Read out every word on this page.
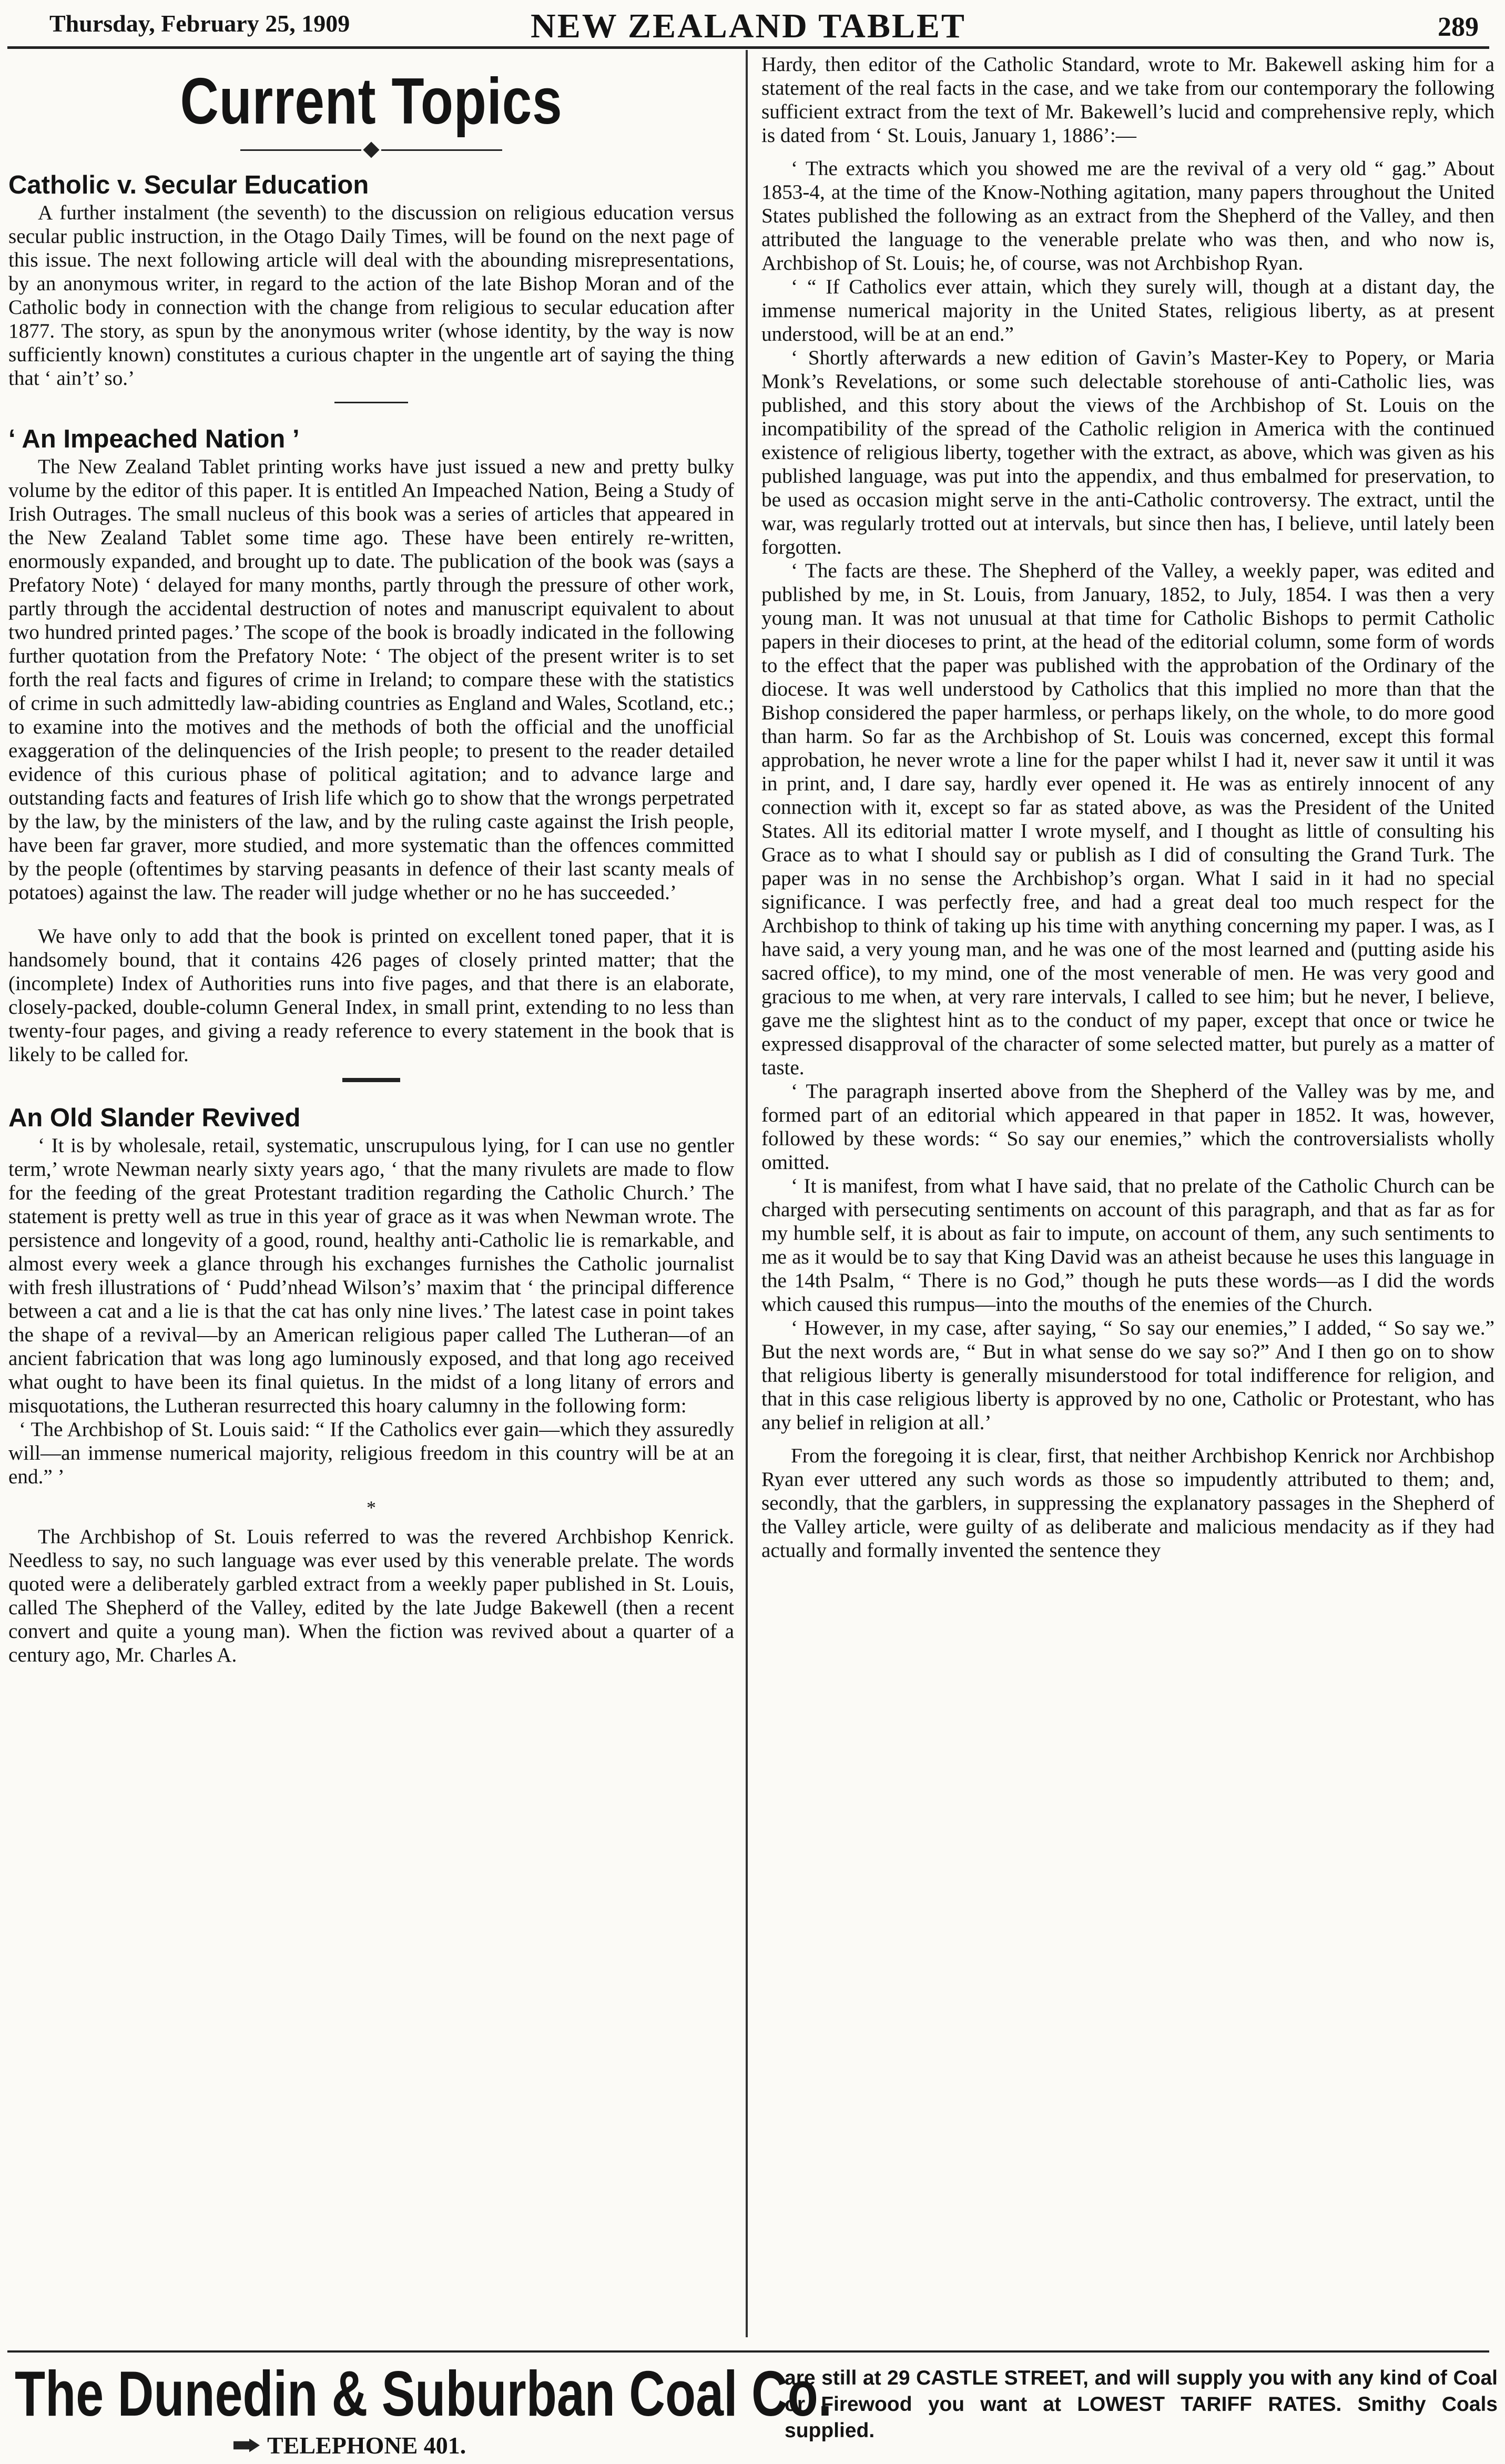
Thursday, February 25, 1909	NEW ZEALAND TABLET	289
Current Topics
Catholic v. Secular Education

A further instalment (the seventh) to the discussion on religious education versus secular public instruction, in the Otago Daily Times, will be found on the next page of this issue. The next following article will deal with the abounding misrepresentations, by an anonymous writer, in regard to the action of the late Bishop Moran and of the Catholic body in connection with the change from religious to secular education after 1877. The story, as spun by the anonymous writer (whose identity, by the way is now sufficiently known) constitutes a curious chapter in the ungentle art of saying the thing that ‘ ain’t’ so.’

‘ An Impeached Nation ’

The New Zealand Tablet printing works have just issued a new and pretty bulky volume by the editor of this paper. It is entitled An Impeached Nation, Being a Study of Irish Outrages. The small nucleus of this book was a series of articles that appeared in the New Zealand Tablet some time ago. These have been entirely re-written, enormously expanded, and brought up to date. The publication of the book was (says a Prefatory Note) ‘ delayed for many months, partly through the pressure of other work, partly through the accidental destruction of notes and manuscript equivalent to about two hundred printed pages.’ The scope of the book is broadly indicated in the following further quotation from the Prefatory Note: ‘ The object of the present writer is to set forth the real facts and figures of crime in Ireland; to compare these with the statistics of crime in such admittedly law-abiding countries as England and Wales, Scotland, etc.; to examine into the motives and the methods of both the official and the unofficial exaggeration of the delinquencies of the Irish people; to present to the reader detailed evidence of this curious phase of political agitation; and to advance large and outstanding facts and features of Irish life which go to show that the wrongs perpetrated by the law, by the ministers of the law, and by the ruling caste against the Irish people, have been far graver, more studied, and more systematic than the offences committed by the people (oftentimes by starving peasants in defence of their last scanty meals of potatoes) against the law. The reader will judge whether or no he has succeeded.’

We have only to add that the book is printed on excellent toned paper, that it is handsomely bound, that it contains 426 pages of closely printed matter; that the (incomplete) Index of Authorities runs into five pages, and that there is an elaborate, closely-packed, double-column General Index, in small print, extending to no less than twenty-four pages, and giving a ready reference to every statement in the book that is likely to be called for.

An Old Slander Revived

‘ It is by wholesale, retail, systematic, unscrupulous lying, for I can use no gentler term,’ wrote Newman nearly sixty years ago, ‘ that the many rivulets are made to flow for the feeding of the great Protestant tradition regarding the Catholic Church.’ The statement is pretty well as true in this year of grace as it was when Newman wrote. The persistence and longevity of a good, round, healthy anti-Catholic lie is remarkable, and almost every week a glance through his exchanges furnishes the Catholic journalist with fresh illustrations of ‘ Pudd’nhead Wilson’s’ maxim that ‘ the principal difference between a cat and a lie is that the cat has only nine lives.’ The latest case in point takes the shape of a revival—by an American religious paper called The Lutheran—of an ancient fabrication that was long ago luminously exposed, and that long ago received what ought to have been its final quietus. In the midst of a long litany of errors and misquotations, the Lutheran resurrected this hoary calumny in the following form:

‘ The Archbishop of St. Louis said: “ If the Catholics ever gain—which they assuredly will—an immense numerical majority, religious freedom in this country will be at an end.” ’

*

The Archbishop of St. Louis referred to was the revered Archbishop Kenrick. Needless to say, no such language was ever used by this venerable prelate. The words quoted were a deliberately garbled extract from a weekly paper published in St. Louis, called The Shepherd of the Valley, edited by the late Judge Bakewell (then a recent convert and quite a young man). When the fiction was revived about a quarter of a century ago, Mr. Charles A.

Hardy, then editor of the Catholic Standard, wrote to Mr. Bakewell asking him for a statement of the real facts in the case, and we take from our contemporary the following sufficient extract from the text of Mr. Bakewell’s lucid and comprehensive reply, which is dated from ‘ St. Louis, January 1, 1886’:—

‘ The extracts which you showed me are the revival of a very old “ gag.” About 1853-4, at the time of the Know-Nothing agitation, many papers throughout the United States published the following as an extract from the Shepherd of the Valley, and then attributed the language to the venerable prelate who was then, and who now is, Archbishop of St. Louis; he, of course, was not Archbishop Ryan.

‘ “ If Catholics ever attain, which they surely will, though at a distant day, the immense numerical majority in the United States, religious liberty, as at present understood, will be at an end.”

‘ Shortly afterwards a new edition of Gavin’s Master-Key to Popery, or Maria Monk’s Revelations, or some such delectable storehouse of anti-Catholic lies, was published, and this story about the views of the Archbishop of St. Louis on the incompatibility of the spread of the Catholic religion in America with the continued existence of religious liberty, together with the extract, as above, which was given as his published language, was put into the appendix, and thus embalmed for preservation, to be used as occasion might serve in the anti-Catholic controversy. The extract, until the war, was regularly trotted out at intervals, but since then has, I believe, until lately been forgotten.

‘ The facts are these. The Shepherd of the Valley, a weekly paper, was edited and published by me, in St. Louis, from January, 1852, to July, 1854. I was then a very young man. It was not unusual at that time for Catholic Bishops to permit Catholic papers in their dioceses to print, at the head of the editorial column, some form of words to the effect that the paper was published with the approbation of the Ordinary of the diocese. It was well understood by Catholics that this implied no more than that the Bishop considered the paper harmless, or perhaps likely, on the whole, to do more good than harm. So far as the Archbishop of St. Louis was concerned, except this formal approbation, he never wrote a line for the paper whilst I had it, never saw it until it was in print, and, I dare say, hardly ever opened it. He was as entirely innocent of any connection with it, except so far as stated above, as was the President of the United States. All its editorial matter I wrote myself, and I thought as little of consulting his Grace as to what I should say or publish as I did of consulting the Grand Turk. The paper was in no sense the Archbishop’s organ. What I said in it had no special significance. I was perfectly free, and had a great deal too much respect for the Archbishop to think of taking up his time with anything concerning my paper. I was, as I have said, a very young man, and he was one of the most learned and (putting aside his sacred office), to my mind, one of the most venerable of men. He was very good and gracious to me when, at very rare intervals, I called to see him; but he never, I believe, gave me the slightest hint as to the conduct of my paper, except that once or twice he expressed disapproval of the character of some selected matter, but purely as a matter of taste.

‘ The paragraph inserted above from the Shepherd of the Valley was by me, and formed part of an editorial which appeared in that paper in 1852. It was, however, followed by these words: “ So say our enemies,” which the controversialists wholly omitted.

‘ It is manifest, from what I have said, that no prelate of the Catholic Church can be charged with persecuting sentiments on account of this paragraph, and that as far as for my humble self, it is about as fair to impute, on account of them, any such sentiments to me as it would be to say that King David was an atheist because he uses this language in the 14th Psalm, “ There is no God,” though he puts these words—as I did the words which caused this rumpus—into the mouths of the enemies of the Church.

‘ However, in my case, after saying, “ So say our enemies,” I added, “ So say we.” But the next words are, “ But in what sense do we say so?” And I then go on to show that religious liberty is generally misunderstood for total indifference for religion, and that in this case religious liberty is approved by no one, Catholic or Protestant, who has any belief in religion at all.’

From the foregoing it is clear, first, that neither Archbishop Kenrick nor Archbishop Ryan ever uttered any such words as those so impudently attributed to them; and, secondly, that the garblers, in suppressing the explanatory passages in the Shepherd of the Valley article, were guilty of as deliberate and malicious mendacity as if they had actually and formally invented the sentence they

The Dunedin & Suburban Coal Co.
TELEPHONE 401.
are still at 29 CASTLE STREET, and will supply you with any kind of Coal or Firewood you want at LOWEST TARIFF RATES. Smithy Coals supplied.
